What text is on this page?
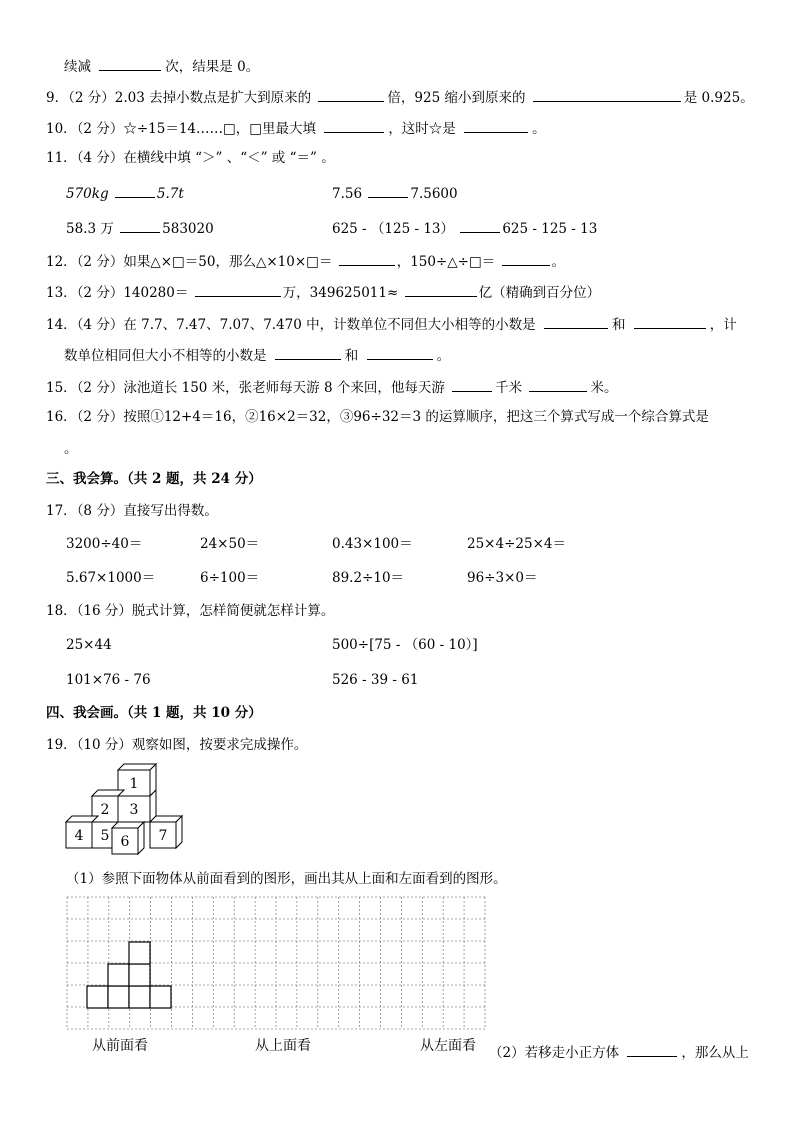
续减	次，结果是 0。
9．（2 分）2.03 去掉小数点是扩大到原来的	倍，925 缩小到原来的	是 0.925。
10．（2 分）☆÷15＝14……□，□里最大填	，这时☆是	。
11．（4 分）在横线中填 “＞” 、“＜” 或 “＝” 。
570kg	5.7t	7.56	7.5600
58.3 万	583020	625 - （125 - 13）	625 - 125 - 13
12．（2 分）如果△×□＝50，那么△×10×□＝	，150÷△÷□＝	。
13．（2 分）140280＝	万，349625011≈	亿（精确到百分位）
14．（4 分）在 7.7、7.47、7.07、7.470 中，计数单位不同但大小相等的小数是	和	，计
数单位相同但大小不相等的小数是	和	。
15．（2 分）泳池道长 150 米，张老师每天游 8 个来回，他每天游	千米	米。
16．（2 分）按照①12+4＝16，②16×2＝32，③96÷32＝3 的运算顺序，把这三个算式写成一个综合算式是
。
三、我会算。（共 2 题，共 24 分）
17．（8 分）直接写出得数。
3200÷40＝	24×50＝	0.43×100＝	25×4÷25×4＝
5.67×1000＝	6÷100＝	89.2÷10＝	96÷3×0＝
18．（16 分）脱式计算，怎样简便就怎样计算。
25×44	500÷[75 - （60 - 10）]
101×76 - 76	526 - 39 - 61
四、我会画。（共 1 题，共 10 分）
19．（10 分）观察如图，按要求完成操作。
1
2 3
4 5 6 7
（1）参照下面物体从前面看到的图形，画出其从上面和左面看到的图形。
从前面看	从上面看	从左面看 （2）若移走小正方体	，那么从上
